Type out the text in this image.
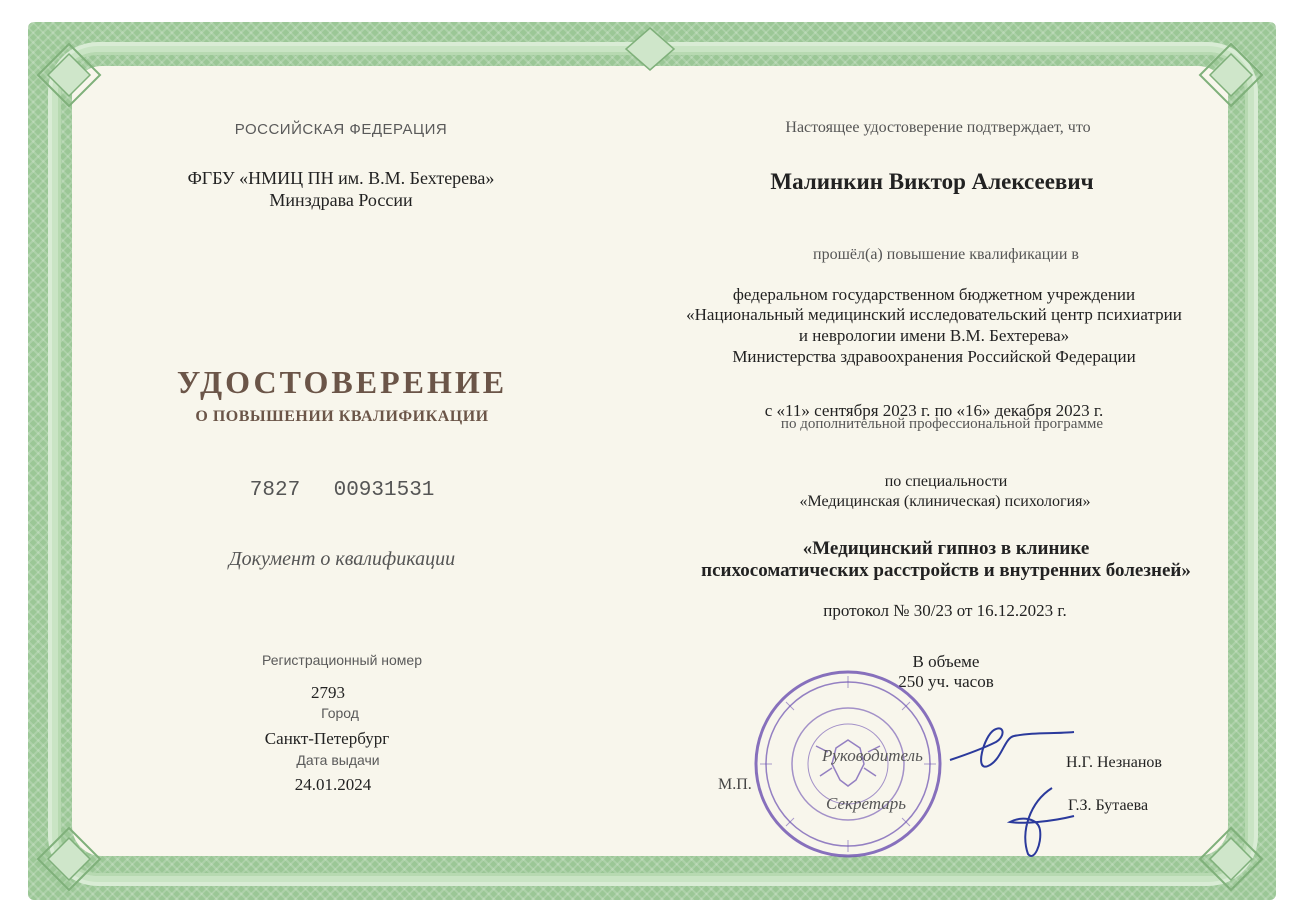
РОССИЙСКАЯ ФЕДЕРАЦИЯ
ФГБУ «НМИЦ ПН им. В.М. Бехтерева»
Минздрава России
УДОСТОВЕРЕНИЕ
О ПОВЫШЕНИИ КВАЛИФИКАЦИИ
7827 00931531
Документ о квалификации
Регистрационный номер
2793
Город
Санкт-Петербург
Дата выдачи
24.01.2024
Настоящее удостоверение подтверждает, что
Малинкин Виктор Алексеевич
прошёл(а) повышение квалификации в
федеральном государственном бюджетном учреждении
«Национальный медицинский исследовательский центр психиатрии
и неврологии имени В.М. Бехтерева»
Министерства здравоохранения Российской Федерации
с «11» сентября 2023 г. по «16» декабря 2023 г.
по дополнительной профессиональной программе
по специальности
«Медицинская (клиническая) психология»
«Медицинский гипноз в клинике
психосоматических расстройств и внутренних болезней»
протокол № 30/23 от 16.12.2023 г.
В объеме
250 уч. часов
М.П.
Руководитель	Н.Г. Незнанов
Секретарь	Г.З. Бутаева
